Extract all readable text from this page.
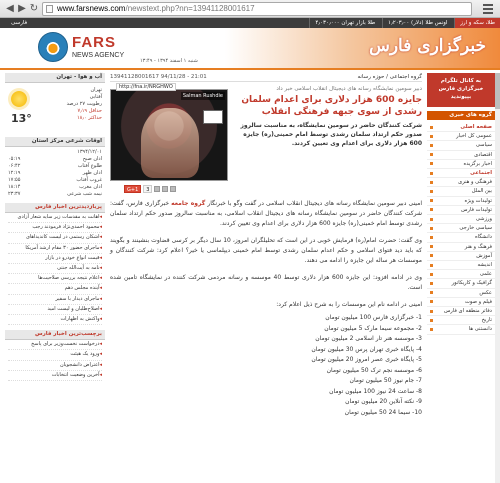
◀ ▶ ↻	www.farsnews.com/newstext.php?nn=13941128001617
طلا، سکه و ارز اونس طلا (دلار) ۱٫۲۰۳٫۰۰ طلا بازار تهران ۴٫۰۳۰٫۰۰۰
فارسی
FARS
NEWS AGENCY	خبرگزاری فارس
شنبه ۱ اسفند ۱۳۹۴ - ۱۳:۴۹
آب و هوا - تهران
13°
تهران
آفتابی
رطوبت ۲۷ درصد
حداقل ۷٫۱۹
حداکثر ۱۸٫۰
اوقات شرعی مرکز استان
۱۳۹۴/۱۲/۰۱
اذان صبح
۰۵:۱۹
طلوع آفتاب
۰۶:۴۲
اذان ظهر
۱۲:۱۹
غروب آفتاب
۱۷:۵۵
اذان مغرب
۱۸:۱۴
نیمه شب شرعی
۲۳:۳۷
پربازدیدترین اخبار فارس
◂ اهانت به مقدسات زیر سایه شعار آزادی
◂ محمود احمدی‌نژاد فرمودند رجب
◂ اشکان رستمی در لیست کاندیداهای
◂ ماجرای حضور ۳۰ مقام ارشد آمریکا
◂ قیمت انواع خودرو در بازار
◂ نامه به آیت‌الله جنتی
◂ اعلام نتیجه بررسی صلاحیت‌ها
◂ آینده مجلس دهم
◂ ماجرای دیدار با سفیر
◂ اصلاح‌طلبان و لیست امید
◂ واکنش به اظهارات
برچسب‌ترین اخبار فارس
◂ درخواست نخست‌وزیر برای پاسخ
◂ ورود یک هیئت
◂ اعتراض دانشجویان
◂ آخرین وضعیت انتخابات
گروه اجتماعی / حوزه رسانه
13941128001617 94/11/28 - 21:01
دبیر سومین نمایشگاه رسانه های دیجیتال انقلاب اسلامی خبر داد
جایزه 600 هزار دلاری برای اعدام سلمان رشدی از سوی جبهه فرهنگی انقلاب
شرکت کنندگان حاضر در سومین نمایشگاه، به مناسبت سالروز صدور حکم ارتداد سلمان رشدی توسط امام خمینی(ره) جایزه 600 هزار دلاری برای اعدام وی تعیین کردند.
Salman Rushdie
http://fna.ir/NRGHWO
G+1	3

امینی دبیر سومین نمایشگاه رسانه های دیجیتال انقلاب اسلامی در گفت وگو با خبرنگار گروه جامعه خبرگزاری فارس، گفت: شرکت کنندگان حاضر در سومین نمایشگاه رسانه های دیجیتال انقلاب اسلامی، به مناسبت سالروز صدور حکم ارتداد سلمان رشدی توسط امام خمینی(ره) جایزه 600 هزار دلاری برای اعدام وی تعیین کردند.

وی گفت: حضرت امام(ره) فرمایش خوبی در این است که تحلیلگران امروز، 10 سال دیگر بر کرسی قضاوت بنشینند و بگویند که باید دید فتوای اسلامی و حکم اعدام سلمان رشدی توسط امام خمینی دیپلماسی یا خیر؟ اعلام کرد: شرکت کنندگان و موسسات هر ساله این جایزه را ادامه می دهند.

وی در ادامه افزود: این جایزه 600 هزار دلاری توسط 40 موسسه و رسانه مردمی شرکت کننده در نمایشگاه تامین شده است.

امینی در ادامه نام این موسسات را به شرح ذیل اعلام کرد:

1- خبرگزاری فارس 100 میلیون تومان
2- مجموعه سیما مارک 5 میلیون تومان
3- موسسه هنر تار اسلامی 2 میلیون تومان
4- پایگاه خبری تهران پرس 30 میلیون تومان
5- پایگاه خبری عصر امروز 20 میلیون تومان
6- موسسه نجم ترک 50 میلیون تومان
7- جام نیوز 50 میلیون تومان
8- ساعت 24 نیوز 100 میلیون تومان
9- نکته آنلاین 20 میلیون تومان
10- سیما 24 50 میلیون تومان
به کانال تلگرام خبرگزاری فارس بپیوندید
گروه های خبری
صفحه اصلی
عمومی کل اخبار
سیاسی
اقتصادی
اخبار برگزیده
اجتماعی
فرهنگی و هنری
بین الملل
تولیدات ویژه
تولیدات فارس
ورزشی
سیاسی خارجی
دانشگاه
فرهنگ و هنر
آموزش
اندیشه
علمی
گرافیک و کاریکاتور
عکس
فیلم و صوت
دفاتر منطقه ای فارس
تاریخ
دانستنی ها
